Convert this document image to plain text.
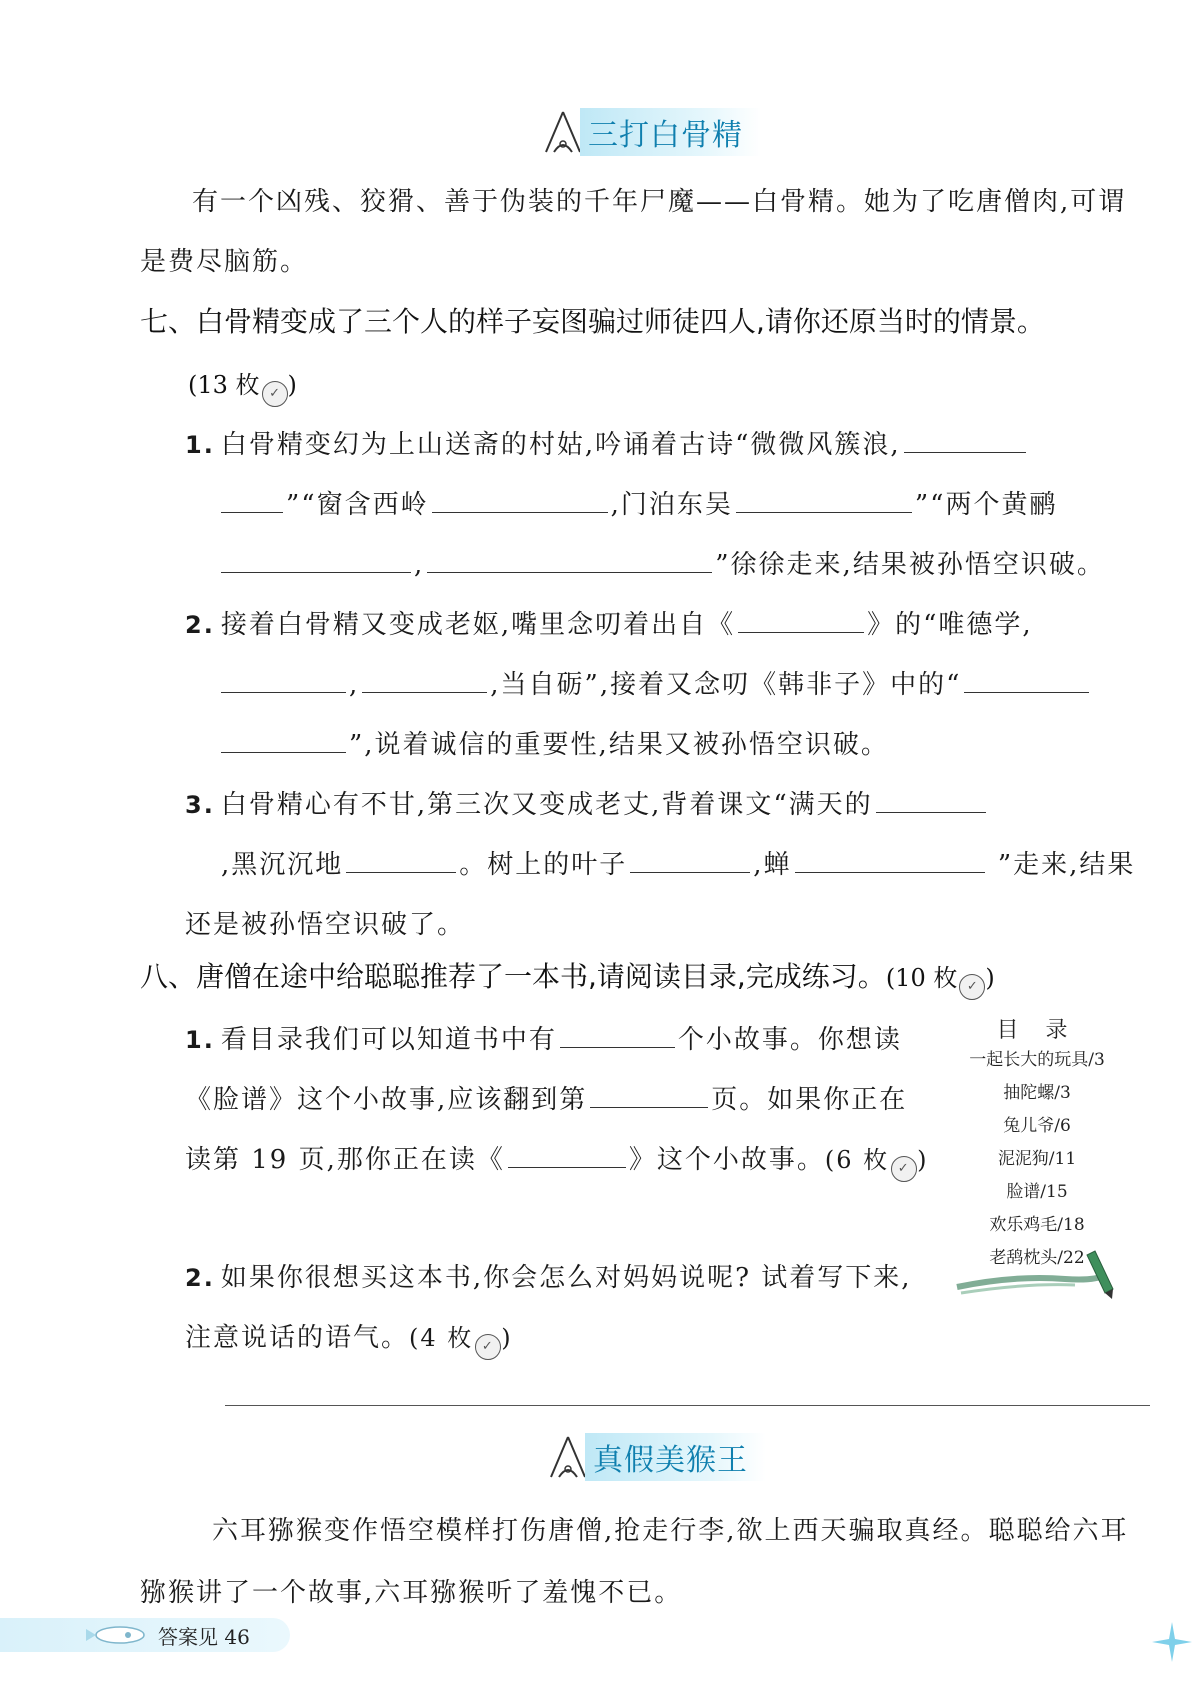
三打白骨精
有一个凶残、狡猾、善于伪装的千年尸魔——白骨精。她为了吃唐僧肉,可谓是费尽脑筋。
七、白骨精变成了三个人的样子妄图骗过师徒四人,请你还原当时的情景。
(13 枚 ✓ )
1. 白骨精变幻为上山送斋的村姑,吟诵着古诗“微微风簇浪,
”“窗含西岭	,门泊东吴	”“两个黄鹂
,	”徐徐走来,结果被孙悟空识破。
2. 接着白骨精又变成老妪,嘴里念叨着出自《	》的“唯德学,
,	,当自砺”,接着又念叨《韩非子》中的“
”,说着诚信的重要性,结果又被孙悟空识破。
3. 白骨精心有不甘,第三次又变成老丈,背着课文“满天的
,黑沉沉地	。树上的叶子	,蝉	”走来,结果还是被孙悟空识破了。
八、唐僧在途中给聪聪推荐了一本书,请阅读目录,完成练习。(10 枚 ✓ )
1. 看目录我们可以知道书中有	个小故事。你想读《脸谱》这个小故事,应该翻到第	页。如果你正在读第 19 页,那你正在读《	》这个小故事。(6 枚 ✓ )
2. 如果你很想买这本书,你会怎么对妈妈说呢? 试着写下来,注意说话的语气。(4 枚 ✓ )
目 录
一起长大的玩具/3
抽陀螺/3
兔儿爷/6
泥泥狗/11
脸谱/15
欢乐鸡毛/18
老鸹枕头/22
真假美猴王
六耳猕猴变作悟空模样打伤唐僧,抢走行李,欲上西天骗取真经。聪聪给六耳猕猴讲了一个故事,六耳猕猴听了羞愧不已。
答案见 46
